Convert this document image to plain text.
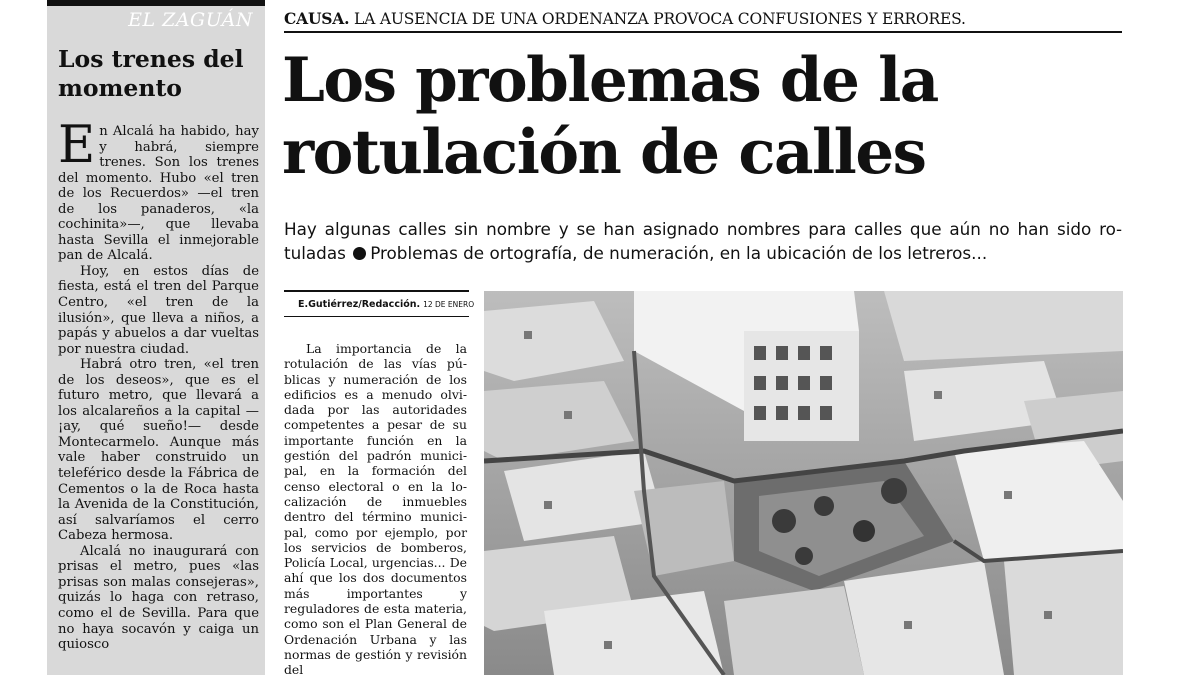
EL ZAGUÁN
Los trenes del
momento

En Alcalá ha habido, hay y habrá, siempre trenes. Son los trenes del momento. Hubo «el tren de los Recuerdos» —el tren de los panaderos, «la cochinita»—, que llevaba hasta Sevilla el inmejorable pan de Alcalá.

Hoy, en estos días de fiesta, está el tren del Parque Centro, «el tren de la ilusión», que lleva a niños, a papás y abuelos a dar vueltas por nuestra ciudad.

Habrá otro tren, «el tren de los deseos», que es el futuro metro, que llevará a los alcalareños a la capital —¡ay, qué sueño!— desde Montecarmelo. Aunque más vale haber construido un teleférico desde la Fábrica de Cementos o la de Roca hasta la Avenida de la Constitución, así salvaríamos el cerro Cabeza hermosa.

Alcalá no inaugurará con prisas el metro, pues «las prisas son malas consejeras», quizás lo haga con retraso, como el de Sevilla. Para que no haya socavón y caiga un quiosco

CAUSA. LA AUSENCIA DE UNA ORDENANZA PROVOCA CONFUSIONES Y ERRORES.
Los problemas de la
rotulación de calles
Hay algunas calles sin nombre y se han asignado nombres para calles que aún no han sido rotuladas Problemas de ortografía, de numeración, en la ubicación de los letreros...
E.Gutiérrez/Redacción. 12 DE ENERO

La importancia de la rotulación de las vías públicas y numeración de los edificios es a menudo olvidada por las autoridades competentes a pesar de su importante función en la gestión del padrón municipal, en la formación del censo electoral o en la localización de inmuebles dentro del término municipal, como por ejemplo, por los servicios de bomberos, Policía Local, urgencias... De ahí que los dos documentos más importantes y reguladores de esta materia, como son el Plan General de Ordenación Urbana y las normas de gestión y revisión del
